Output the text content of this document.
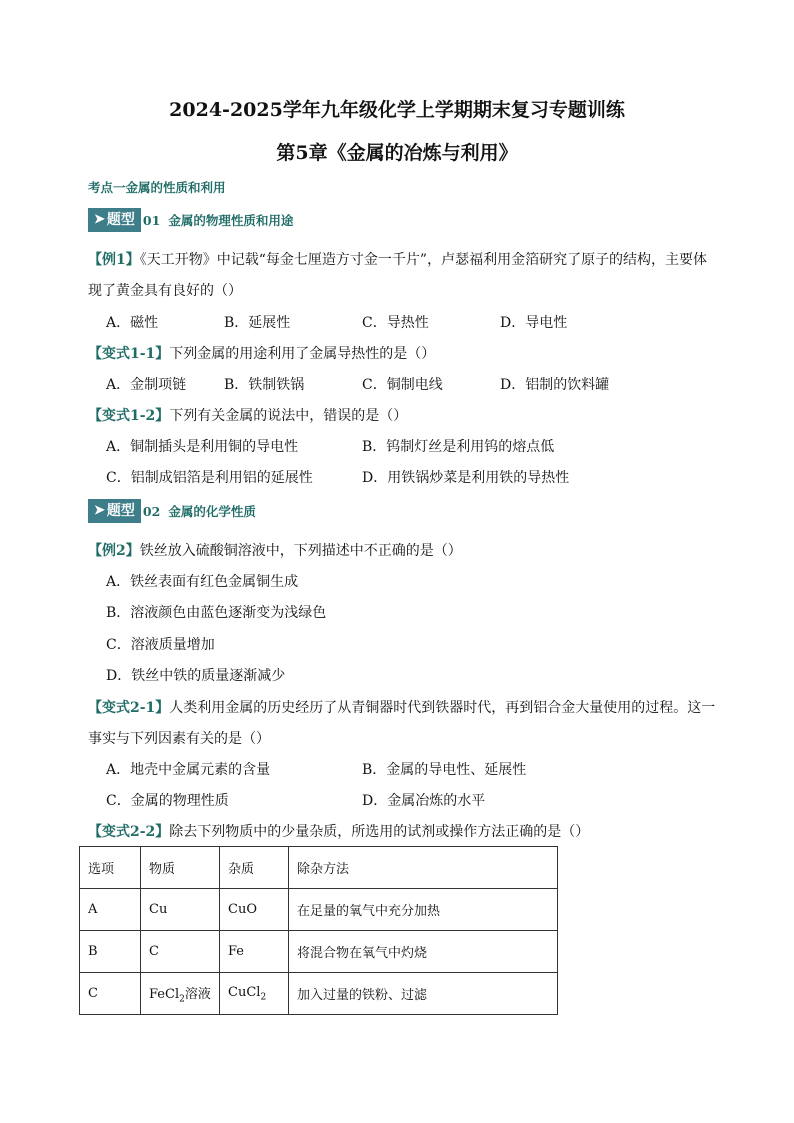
2024-2025学年九年级化学上学期期末复习专题训练
第5章《金属的冶炼与利用》
考点一金属的性质和利用
➤ 题型 01 金属的物理性质和用途
【例1】《天工开物》中记载“每金七厘造方寸金一千片”，卢瑟福利用金箔研究了原子的结构，主要体
现了黄金具有良好的（）
A．磁性	B．延展性	C．导热性	D．导电性
【变式1-1】下列金属的用途利用了金属导热性的是（）
A．金制项链	B．铁制铁锅	C．铜制电线	D．铝制的饮料罐
【变式1-2】下列有关金属的说法中，错误的是（）
A．铜制插头是利用铜的导电性	B．钨制灯丝是利用钨的熔点低
C．铝制成铝箔是利用铝的延展性	D．用铁锅炒菜是利用铁的导热性
➤ 题型 02 金属的化学性质
【例2】铁丝放入硫酸铜溶液中，下列描述中不正确的是（）
A．铁丝表面有红色金属铜生成
B．溶液颜色由蓝色逐渐变为浅绿色
C．溶液质量增加
D．铁丝中铁的质量逐渐减少
【变式2-1】人类利用金属的历史经历了从青铜器时代到铁器时代，再到铝合金大量使用的过程。这一
事实与下列因素有关的是（）
A．地壳中金属元素的含量	B．金属的导电性、延展性
C．金属的物理性质	D．金属冶炼的水平
【变式2-2】除去下列物质中的少量杂质，所选用的试剂或操作方法正确的是（）
选项	物质	杂质	除杂方法
A	Cu	CuO	在足量的氧气中充分加热
B	C	Fe	将混合物在氧气中灼烧
C	FeCl$_2$溶液	CuCl$_2$	加入过量的铁粉、过滤
